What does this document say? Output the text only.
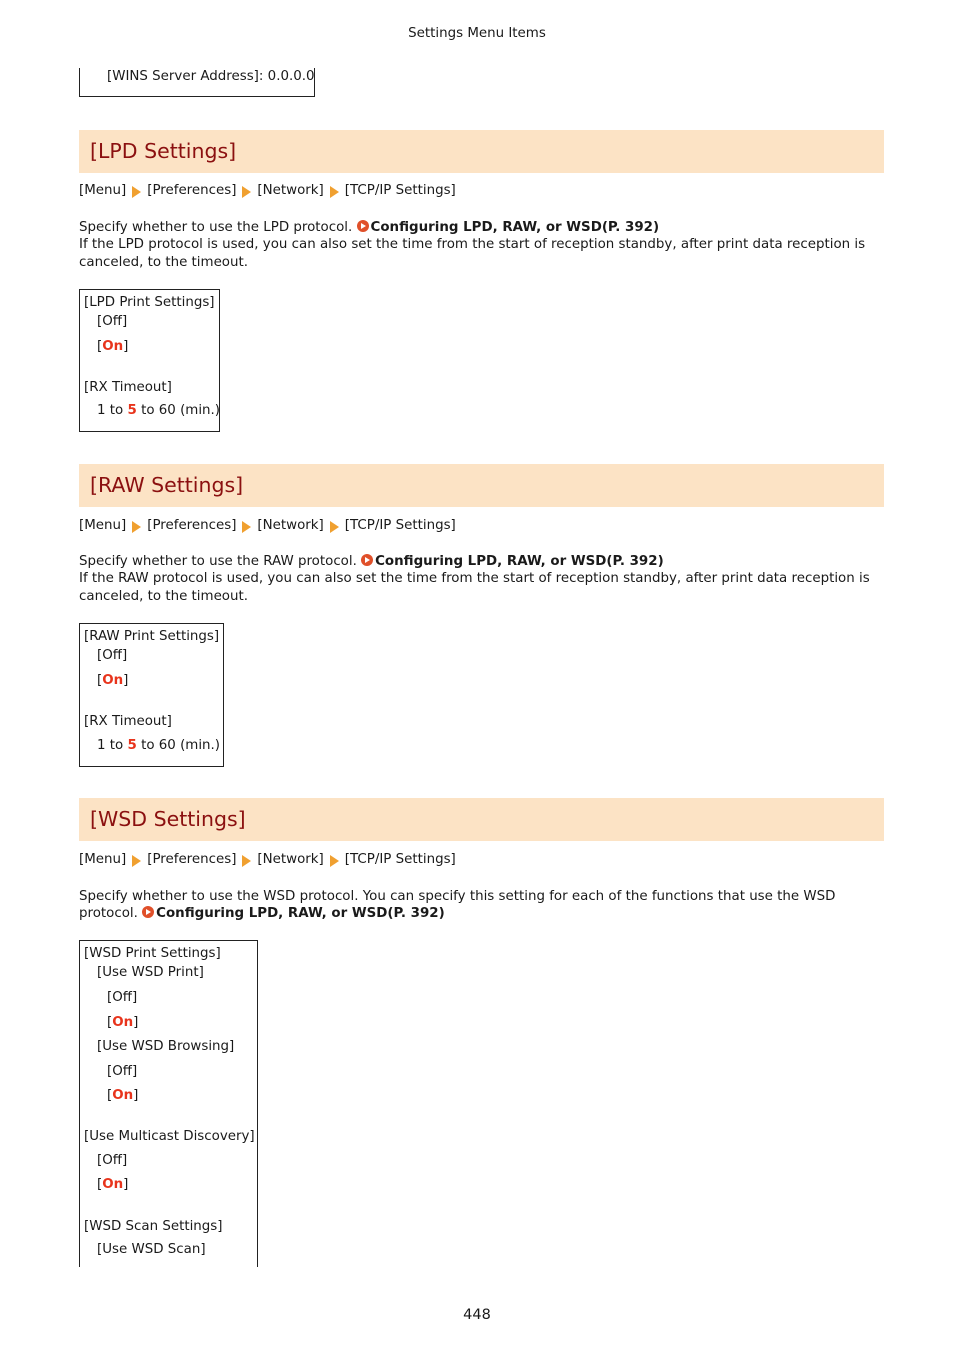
Settings Menu Items
[WINS Server Address]: 0.0.0.0
[LPD Settings]
[Menu] [Preferences] [Network] [TCP/IP Settings]
Specify whether to use the LPD protocol. Configuring LPD, RAW, or WSD(P. 392)
If the LPD protocol is used, you can also set the time from the start of reception standby, after print data reception is canceled, to the timeout.
[LPD Print Settings]
[Off]
[On]
[RX Timeout]
1 to 5 to 60 (min.)
[RAW Settings]
[Menu] [Preferences] [Network] [TCP/IP Settings]
Specify whether to use the RAW protocol. Configuring LPD, RAW, or WSD(P. 392)
If the RAW protocol is used, you can also set the time from the start of reception standby, after print data reception is canceled, to the timeout.
[RAW Print Settings]
[Off]
[On]
[RX Timeout]
1 to 5 to 60 (min.)
[WSD Settings]
[Menu] [Preferences] [Network] [TCP/IP Settings]
Specify whether to use the WSD protocol. You can specify this setting for each of the functions that use the WSD protocol. Configuring LPD, RAW, or WSD(P. 392)
[WSD Print Settings]
[Use WSD Print]
[Off]
[On]
[Use WSD Browsing]
[Off]
[On]
[Use Multicast Discovery]
[Off]
[On]
[WSD Scan Settings]
[Use WSD Scan]
448
